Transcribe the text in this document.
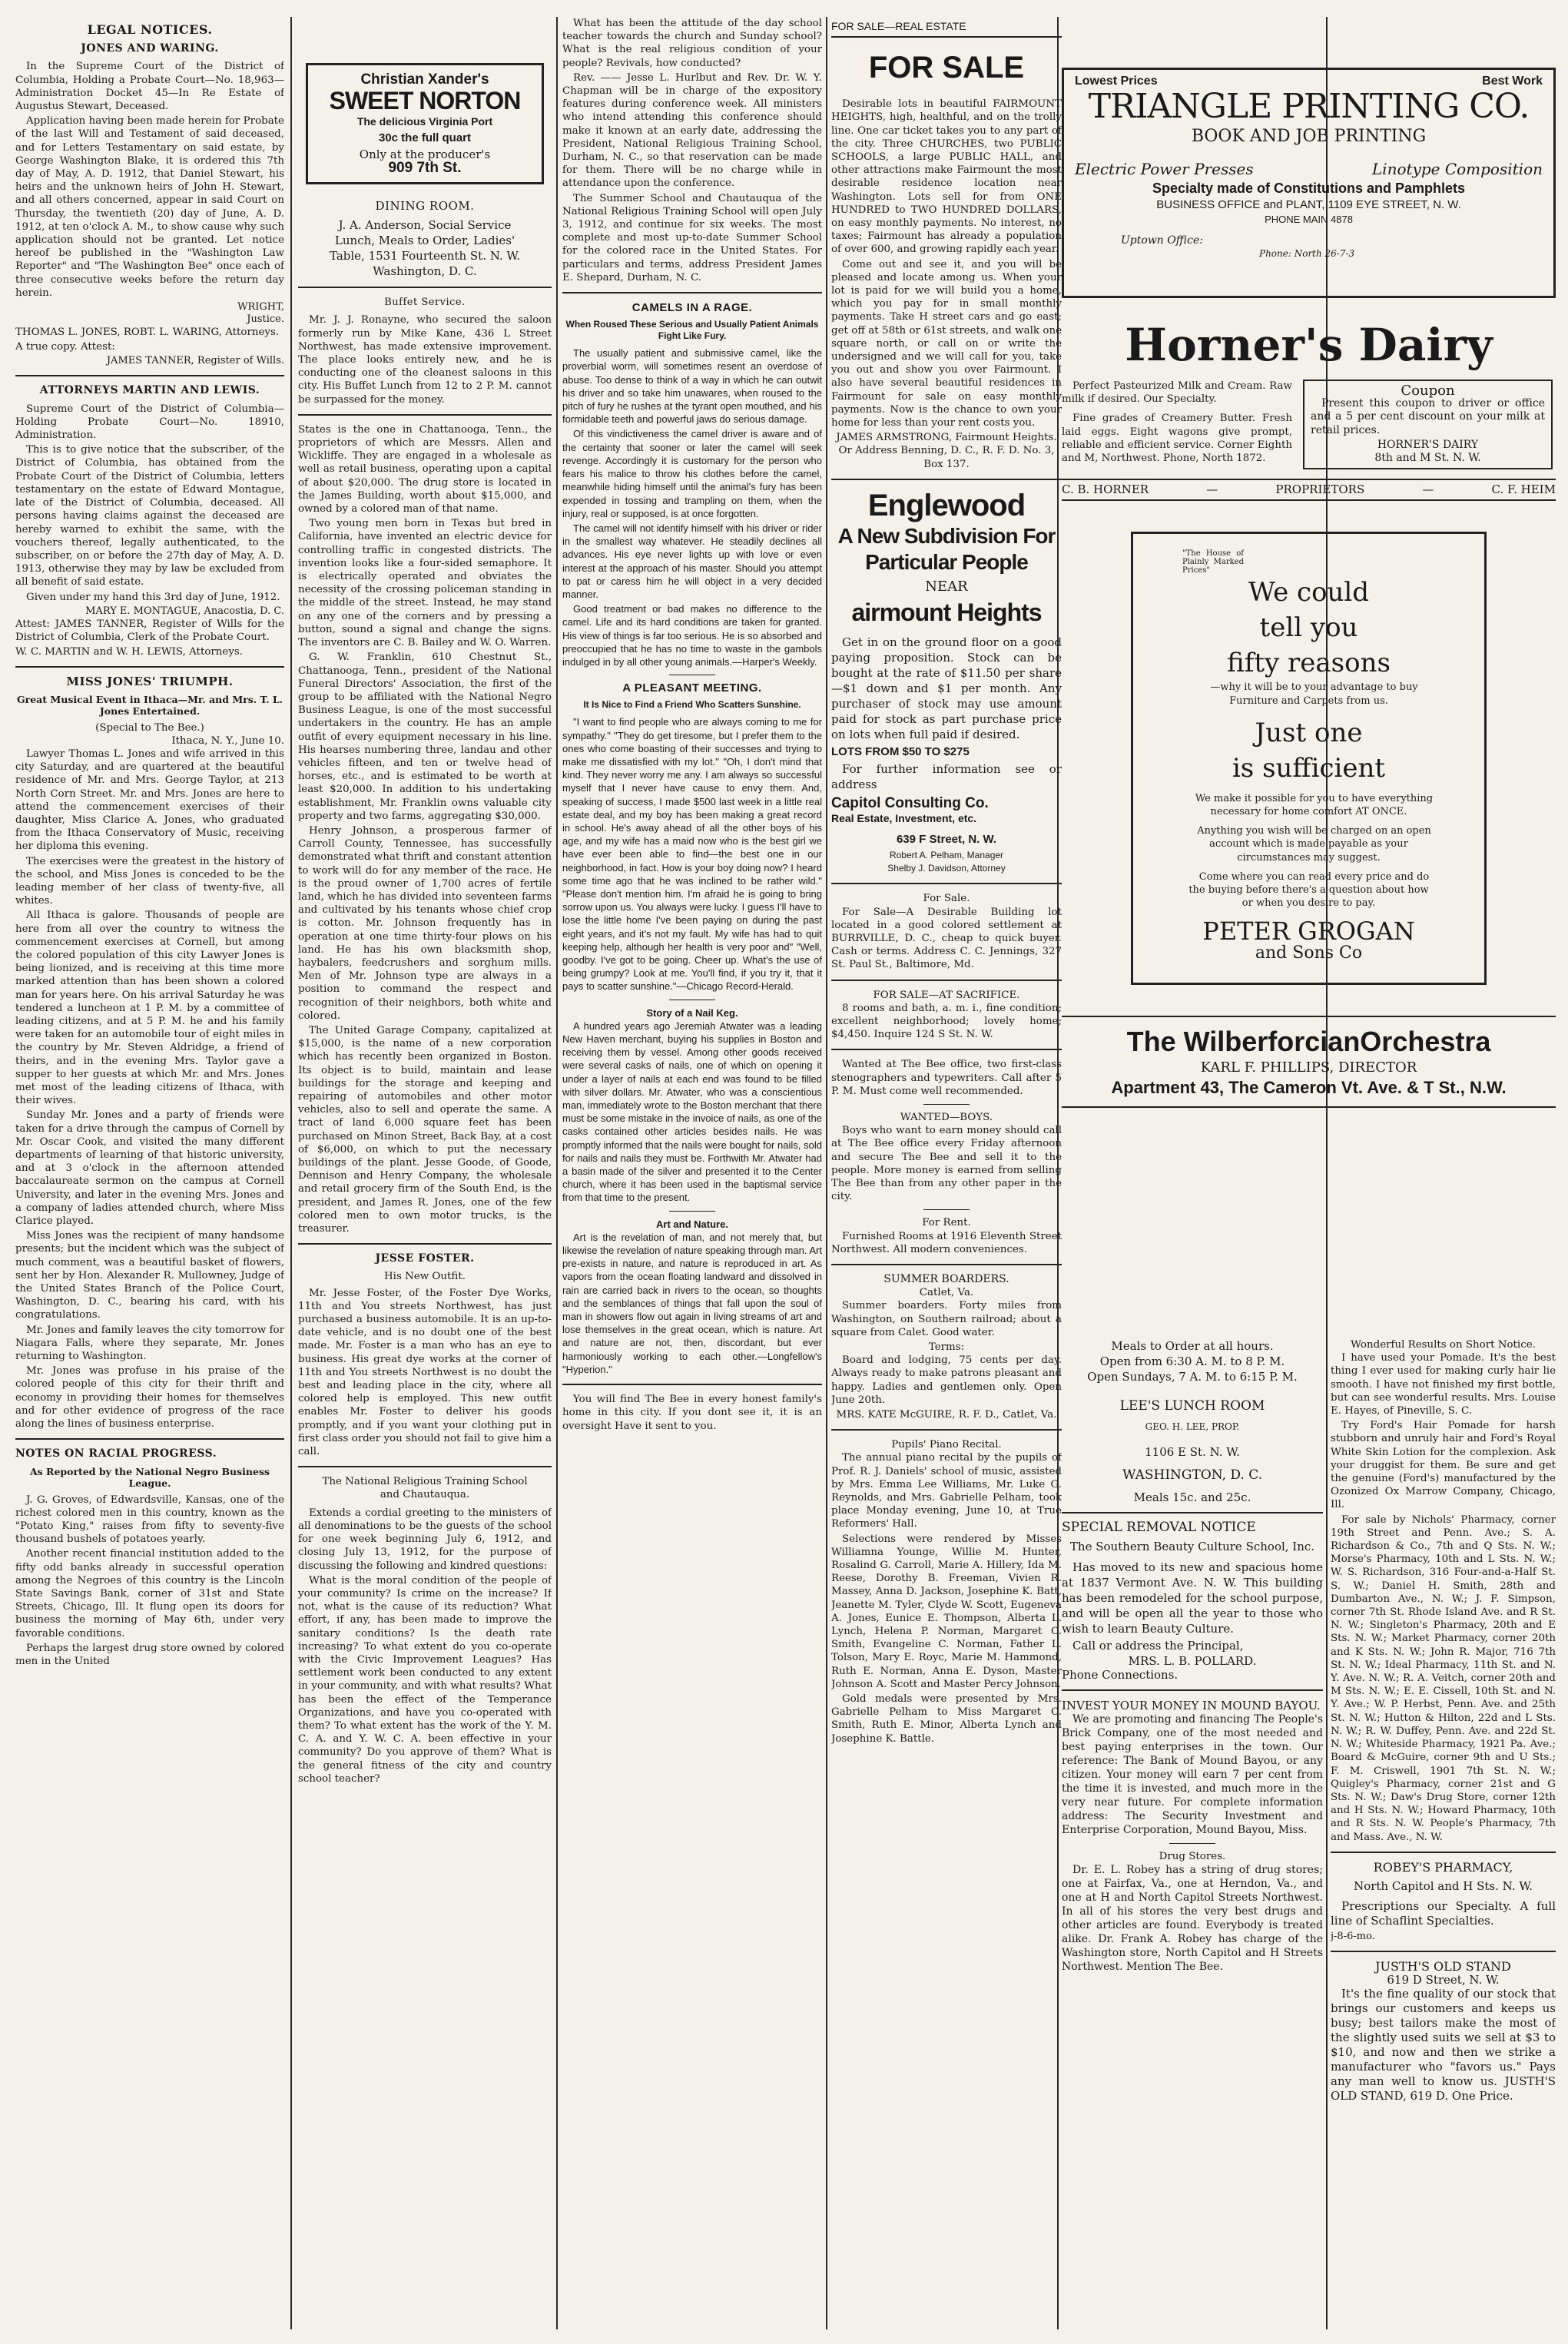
LEGAL NOTICES.
JONES AND WARING.

In the Supreme Court of the District of Columbia, Holding a Probate Court—No. 18,963—Administration Docket 45—In Re Estate of Augustus Stewart, Deceased.

Application having been made herein for Probate of the last Will and Testament of said deceased, and for Letters Testamentary on said estate, by George Washington Blake, it is ordered this 7th day of May, A. D. 1912, that Daniel Stewart, his heirs and the unknown heirs of John H. Stewart, and all others concerned, appear in said Court on Thursday, the twentieth (20) day of June, A. D. 1912, at ten o'clock A. M., to show cause why such application should not be granted. Let notice hereof be published in the "Washington Law Reporter" and "The Washington Bee" once each of three consecutive weeks before the return day herein.

WRIGHT,
Justice.

THOMAS L. JONES, ROBT. L. WARING, Attorneys.

A true copy. Attest:

JAMES TANNER, Register of Wills.
ATTORNEYS MARTIN AND LEWIS.

Supreme Court of the District of Columbia—Holding Probate Court—No. 18910, Administration.

This is to give notice that the subscriber, of the District of Columbia, has obtained from the Probate Court of the District of Columbia, letters testamentary on the estate of Edward Montague, late of the District of Columbia, deceased. All persons having claims against the deceased are hereby warned to exhibit the same, with the vouchers thereof, legally authenticated, to the subscriber, on or before the 27th day of May, A. D. 1913, otherwise they may by law be excluded from all benefit of said estate.

Given under my hand this 3rd day of June, 1912.

MARY E. MONTAGUE, Anacostia, D. C.

Attest: JAMES TANNER, Register of Wills for the District of Columbia, Clerk of the Probate Court.

W. C. MARTIN and W. H. LEWIS, Attorneys.

MISS JONES' TRIUMPH.
Great Musical Event in Ithaca—Mr. and Mrs. T. L. Jones Entertained.
(Special to The Bee.)
Ithaca, N. Y., June 10.

Lawyer Thomas L. Jones and wife arrived in this city Saturday, and are quartered at the beautiful residence of Mr. and Mrs. George Taylor, at 213 North Corn Street. Mr. and Mrs. Jones are here to attend the commencement exercises of their daughter, Miss Clarice A. Jones, who graduated from the Ithaca Conservatory of Music, receiving her diploma this evening.

The exercises were the greatest in the history of the school, and Miss Jones is conceded to be the leading member of her class of twenty-five, all whites.

All Ithaca is galore. Thousands of people are here from all over the country to witness the commencement exercises at Cornell, but among the colored population of this city Lawyer Jones is being lionized, and is receiving at this time more marked attention than has been shown a colored man for years here. On his arrival Saturday he was tendered a luncheon at 1 P. M. by a committee of leading citizens, and at 5 P. M. he and his family were taken for an automobile tour of eight miles in the country by Mr. Steven Aldridge, a friend of theirs, and in the evening Mrs. Taylor gave a supper to her guests at which Mr. and Mrs. Jones met most of the leading citizens of Ithaca, with their wives.

Sunday Mr. Jones and a party of friends were taken for a drive through the campus of Cornell by Mr. Oscar Cook, and visited the many different departments of learning of that historic university, and at 3 o'clock in the afternoon attended baccalaureate sermon on the campus at Cornell University, and later in the evening Mrs. Jones and a company of ladies attended church, where Miss Clarice played.

Miss Jones was the recipient of many handsome presents; but the incident which was the subject of much comment, was a beautiful basket of flowers, sent her by Hon. Alexander R. Mullowney, Judge of the United States Branch of the Police Court, Washington, D. C., bearing his card, with his congratulations.

Mr. Jones and family leaves the city tomorrow for Niagara Falls, where they separate, Mr. Jones returning to Washington.

Mr. Jones was profuse in his praise of the colored people of this city for their thrift and economy in providing their homes for themselves and for other evidence of progress of the race along the lines of business enterprise.

NOTES ON RACIAL PROGRESS.
As Reported by the National Negro Business League.

J. G. Groves, of Edwardsville, Kansas, one of the richest colored men in this country, known as the "Potato King," raises from fifty to seventy-five thousand bushels of potatoes yearly.

Another recent financial institution added to the fifty odd banks already in successful operation among the Negroes of this country is the Lincoln State Savings Bank, corner of 31st and State Streets, Chicago, Ill. It flung open its doors for business the morning of May 6th, under very favorable conditions.

Perhaps the largest drug store owned by colored men in the United

Christian Xander's
SWEET NORTON
The delicious Virginia Port
30c the full quart
Only at the producer's
909 7th St.
DINING ROOM.
J. A. Anderson, Social Service Lunch, Meals to Order, Ladies' Table, 1531 Fourteenth St. N. W. Washington, D. C.
Buffet Service.

Mr. J. J. Ronayne, who secured the saloon formerly run by Mike Kane, 436 L Street Northwest, has made extensive improvement. The place looks entirely new, and he is conducting one of the cleanest saloons in this city. His Buffet Lunch from 12 to 2 P. M. cannot be surpassed for the money.

States is the one in Chattanooga, Tenn., the proprietors of which are Messrs. Allen and Wickliffe. They are engaged in a wholesale as well as retail business, operating upon a capital of about $20,000. The drug store is located in the James Building, worth about $15,000, and owned by a colored man of that name.

Two young men born in Texas but bred in California, have invented an electric device for controlling traffic in congested districts. The invention looks like a four-sided semaphore. It is electrically operated and obviates the necessity of the crossing policeman standing in the middle of the street. Instead, he may stand on any one of the corners and by pressing a button, sound a signal and change the signs. The inventors are C. B. Bailey and W. O. Warren.

G. W. Franklin, 610 Chestnut St., Chattanooga, Tenn., president of the National Funeral Directors' Association, the first of the group to be affiliated with the National Negro Business League, is one of the most successful undertakers in the country. He has an ample outfit of every equipment necessary in his line. His hearses numbering three, landau and other vehicles fifteen, and ten or twelve head of horses, etc., and is estimated to be worth at least $20,000. In addition to his undertaking establishment, Mr. Franklin owns valuable city property and two farms, aggregating $30,000.

Henry Johnson, a prosperous farmer of Carroll County, Tennessee, has successfully demonstrated what thrift and constant attention to work will do for any member of the race. He is the proud owner of 1,700 acres of fertile land, which he has divided into seventeen farms and cultivated by his tenants whose chief crop is cotton. Mr. Johnson frequently has in operation at one time thirty-four plows on his land. He has his own blacksmith shop, haybalers, feedcrushers and sorghum mills. Men of Mr. Johnson type are always in a position to command the respect and recognition of their neighbors, both white and colored.

The United Garage Company, capitalized at $15,000, is the name of a new corporation which has recently been organized in Boston. Its object is to build, maintain and lease buildings for the storage and keeping and repairing of automobiles and other motor vehicles, also to sell and operate the same. A tract of land 6,000 square feet has been purchased on Minon Street, Back Bay, at a cost of $6,000, on which to put the necessary buildings of the plant. Jesse Goode, of Goode, Dennison and Henry Company, the wholesale and retail grocery firm of the South End, is the president, and James R. Jones, one of the few colored men to own motor trucks, is the treasurer.

JESSE FOSTER.
His New Outfit.

Mr. Jesse Foster, of the Foster Dye Works, 11th and You streets Northwest, has just purchased a business automobile. It is an up-to-date vehicle, and is no doubt one of the best made. Mr. Foster is a man who has an eye to business. His great dye works at the corner of 11th and You streets Northwest is no doubt the best and leading place in the city, where all colored help is employed. This new outfit enables Mr. Foster to deliver his goods promptly, and if you want your clothing put in first class order you should not fail to give him a call.

The National Religious Training School and Chautauqua.

Extends a cordial greeting to the ministers of all denominations to be the guests of the school for one week beginning July 6, 1912, and closing July 13, 1912, for the purpose of discussing the following and kindred questions:

What is the moral condition of the people of your community? Is crime on the increase? If not, what is the cause of its reduction? What effort, if any, has been made to improve the sanitary conditions? Is the death rate increasing? To what extent do you co-operate with the Civic Improvement Leagues? Has settlement work been conducted to any extent in your community, and with what results? What has been the effect of the Temperance Organizations, and have you co-operated with them? To what extent has the work of the Y. M. C. A. and Y. W. C. A. been effective in your community? Do you approve of them? What is the general fitness of the city and country school teacher?

What has been the attitude of the day school teacher towards the church and Sunday school? What is the real religious condition of your people? Revivals, how conducted?

Rev. —— Jesse L. Hurlbut and Rev. Dr. W. Y. Chapman will be in charge of the expository features during conference week. All ministers who intend attending this conference should make it known at an early date, addressing the President, National Religious Training School, Durham, N. C., so that reservation can be made for them. There will be no charge while in attendance upon the conference.

The Summer School and Chautauqua of the National Religious Training School will open July 3, 1912, and continue for six weeks. The most complete and most up-to-date Summer School for the colored race in the United States. For particulars and terms, address President James E. Shepard, Durham, N. C.

CAMELS IN A RAGE.
When Roused These Serious and Usually Patient Animals Fight Like Fury.

The usually patient and submissive camel, like the proverbial worm, will sometimes resent an overdose of abuse. Too dense to think of a way in which he can outwit his driver and so take him unawares, when roused to the pitch of fury he rushes at the tyrant open mouthed, and his formidable teeth and powerful jaws do serious damage.

Of this vindictiveness the camel driver is aware and of the certainty that sooner or later the camel will seek revenge. Accordingly it is customary for the person who fears his malice to throw his clothes before the camel, meanwhile hiding himself until the animal's fury has been expended in tossing and trampling on them, when the injury, real or supposed, is at once forgotten.

The camel will not identify himself with his driver or rider in the smallest way whatever. He steadily declines all advances. His eye never lights up with love or even interest at the approach of his master. Should you attempt to pat or caress him he will object in a very decided manner.

Good treatment or bad makes no difference to the camel. Life and its hard conditions are taken for granted. His view of things is far too serious. He is so absorbed and preoccupied that he has no time to waste in the gambols indulged in by all other young animals.—Harper's Weekly.

A PLEASANT MEETING.
It Is Nice to Find a Friend Who Scatters Sunshine.

"I want to find people who are always coming to me for sympathy." "They do get tiresome, but I prefer them to the ones who come boasting of their successes and trying to make me dissatisfied with my lot." "Oh, I don't mind that kind. They never worry me any. I am always so successful myself that I never have cause to envy them. And, speaking of success, I made $500 last week in a little real estate deal, and my boy has been making a great record in school. He's away ahead of all the other boys of his age, and my wife has a maid now who is the best girl we have ever been able to find—the best one in our neighborhood, in fact. How is your boy doing now? I heard some time ago that he was inclined to be rather wild." "Please don't mention him. I'm afraid he is going to bring sorrow upon us. You always were lucky. I guess I'll have to lose the little home I've been paying on during the past eight years, and it's not my fault. My wife has had to quit keeping help, although her health is very poor and" "Well, goodby. I've got to be going. Cheer up. What's the use of being grumpy? Look at me. You'll find, if you try it, that it pays to scatter sunshine."—Chicago Record-Herald.

Story of a Nail Keg.

A hundred years ago Jeremiah Atwater was a leading New Haven merchant, buying his supplies in Boston and receiving them by vessel. Among other goods received were several casks of nails, one of which on opening it under a layer of nails at each end was found to be filled with silver dollars. Mr. Atwater, who was a conscientious man, immediately wrote to the Boston merchant that there must be some mistake in the invoice of nails, as one of the casks contained other articles besides nails. He was promptly informed that the nails were bought for nails, sold for nails and nails they must be. Forthwith Mr. Atwater had a basin made of the silver and presented it to the Center church, where it has been used in the baptismal service from that time to the present.

Art and Nature.

Art is the revelation of man, and not merely that, but likewise the revelation of nature speaking through man. Art pre-exists in nature, and nature is reproduced in art. As vapors from the ocean floating landward and dissolved in rain are carried back in rivers to the ocean, so thoughts and the semblances of things that fall upon the soul of man in showers flow out again in living streams of art and lose themselves in the great ocean, which is nature. Art and nature are not, then, discordant, but ever harmoniously working to each other.—Longfellow's "Hyperion."

You will find The Bee in every honest family's home in this city. If you dont see it, it is an oversight Have it sent to you.

FOR SALE—REAL ESTATE
FOR SALE

Desirable lots in beautiful FAIRMOUNT HEIGHTS, high, healthful, and on the trolly line. One car ticket takes you to any part of the city. Three CHURCHES, two PUBLIC SCHOOLS, a large PUBLIC HALL, and other attractions make Fairmount the most desirable residence location near Washington. Lots sell for from ONE HUNDRED to TWO HUNDRED DOLLARS, on easy monthly payments. No interest, no taxes; Fairmount has already a population of over 600, and growing rapidly each year.

Come out and see it, and you will be pleased and locate among us. When your lot is paid for we will build you a home, which you pay for in small monthly payments. Take H street cars and go east; get off at 58th or 61st streets, and walk one square north, or call on or write the undersigned and we will call for you, take you out and show you over Fairmount. I also have several beautiful residences in Fairmount for sale on easy monthly payments. Now is the chance to own your home for less than your rent costs you.

JAMES ARMSTRONG, Fairmount Heights. Or Address Benning, D. C., R. F. D. No. 3, Box 137.
Englewood
A New Subdivision For
Particular People
NEAR
airmount Heights

Get in on the ground floor on a good paying proposition. Stock can be bought at the rate of $11.50 per share—$1 down and $1 per month. Any purchaser of stock may use amount paid for stock as part purchase price on lots when full paid if desired.

LOTS FROM $50 TO $275

For further information see or address

Capitol Consulting Co.
Real Estate, Investment, etc.
639 F Street, N. W.
Robert A. Pelham, Manager
Shelby J. Davidson, Attorney
For Sale.

For Sale—A Desirable Building lot located in a good colored settlement at BURRVILLE, D. C., cheap to quick buyer. Cash or terms. Address C. C. Jennings, 327 St. Paul St., Baltimore, Md.

FOR SALE—AT SACRIFICE.

8 rooms and bath, a. m. i., fine condition; excellent neighborhood; lovely home; $4,450. Inquire 124 S St. N. W.

Wanted at The Bee office, two first-class stenographers and typewriters. Call after 5 P. M. Must come well recommended.

WANTED—BOYS.

Boys who want to earn money should call at The Bee office every Friday afternoon and secure The Bee and sell it to the people. More money is earned from selling The Bee than from any other paper in the city.

For Rent.

Furnished Rooms at 1916 Eleventh Street Northwest. All modern conveniences.

SUMMER BOARDERS.
Catlet, Va.

Summer boarders. Forty miles from Washington, on Southern railroad; about a square from Calet. Good water.

Terms:

Board and lodging, 75 cents per day. Always ready to make patrons pleasant and happy. Ladies and gentlemen only. Open June 20th.

MRS. KATE McGUIRE, R. F. D., Catlet, Va.
Pupils' Piano Recital.

The annual piano recital by the pupils of Prof. R. J. Daniels' school of music, assisted by Mrs. Emma Lee Williams, Mr. Luke G. Reynolds, and Mrs. Gabrielle Pelham, took place Monday evening, June 10, at True Reformers' Hall.

Selections were rendered by Misses Williamna Younge, Willie M. Hunter, Rosalind G. Carroll, Marie A. Hillery, Ida M. Reese, Dorothy B. Freeman, Vivien R. Massey, Anna D. Jackson, Josephine K. Batt, Jeanette M. Tyler, Clyde W. Scott, Eugeneva A. Jones, Eunice E. Thompson, Alberta L. Lynch, Helena P. Norman, Margaret C. Smith, Evangeline C. Norman, Father L. Tolson, Mary E. Royc, Marie M. Hammond, Ruth E. Norman, Anna E. Dyson, Master Johnson A. Scott and Master Percy Johnson.

Gold medals were presented by Mrs. Gabrielle Pelham to Miss Margaret C. Smith, Ruth E. Minor, Alberta Lynch and Josephine K. Battle.

Lowest Prices	Best Work
TRIANGLE PRINTING CO.
BOOK AND JOB PRINTING
Electric Power Presses	Linotype Composition
Specialty made of Constitutions and Pamphlets
BUSINESS OFFICE and PLANT, 1109 EYE STREET, N. W.
PHONE MAIN 4878
Uptown Office:
Phone: North 26-7-3
Horner's Dairy

Perfect Pasteurized Milk and Cream. Raw milk if desired. Our Specialty.

Fine grades of Creamery Butter. Fresh laid eggs. Eight wagons give prompt, reliable and efficient service. Corner Eighth and M, Northwest. Phone, North 1872.

Coupon

Present this coupon to driver or office and a 5 per cent discount on your milk at retail prices.

HORNER'S DAIRY
8th and M St. N. W.
C. B. HORNER	—	PROPRIETORS	—	C. F. HEIM
"The House of Plainly Marked Prices"
We could
tell you
fifty reasons

—why it will be to your advantage to buy Furniture and Carpets from us.

Just one
is sufficient

We make it possible for you to have everything necessary for home comfort AT ONCE.

Anything you wish will be charged on an open account which is made payable as your circumstances may suggest.

Come where you can read every price and do the buying before there's a question about how or when you desire to pay.

PETER GROGAN
and Sons Co
The WilberforcianOrchestra
KARL F. PHILLIPS, DIRECTOR
Apartment 43, The Cameron Vt. Ave. & T St., N.W.
Meals to Order at all hours.
Open from 6:30 A. M. to 8 P. M.
Open Sundays, 7 A. M. to 6:15 P. M.
LEE'S LUNCH ROOM
GEO. H. LEE, PROP.
1106 E St. N. W.
WASHINGTON, D. C.
Meals 15c. and 25c.
SPECIAL REMOVAL NOTICE
The Southern Beauty Culture School, Inc.

Has moved to its new and spacious home at 1837 Vermont Ave. N. W. This building has been remodeled for the school purpose, and will be open all the year to those who wish to learn Beauty Culture.

Call or address the Principal,

MRS. L. B. POLLARD.
Phone Connections.
INVEST YOUR MONEY IN MOUND BAYOU.

We are promoting and financing The People's Brick Company, one of the most needed and best paying enterprises in the town. Our reference: The Bank of Mound Bayou, or any citizen. Your money will earn 7 per cent from the time it is invested, and much more in the very near future. For complete information address: The Security Investment and Enterprise Corporation, Mound Bayou, Miss.

Drug Stores.

Dr. E. L. Robey has a string of drug stores; one at Fairfax, Va., one at Herndon, Va., and one at H and North Capitol Streets Northwest. In all of his stores the very best drugs and other articles are found. Everybody is treated alike. Dr. Frank A. Robey has charge of the Washington store, North Capitol and H Streets Northwest. Mention The Bee.

Wonderful Results on Short Notice.

I have used your Pomade. It's the best thing I ever used for making curly hair lie smooth. I have not finished my first bottle, but can see wonderful results. Mrs. Louise E. Hayes, of Pineville, S. C.

Try Ford's Hair Pomade for harsh stubborn and unruly hair and Ford's Royal White Skin Lotion for the complexion. Ask your druggist for them. Be sure and get the genuine (Ford's) manufactured by the Ozonized Ox Marrow Company, Chicago, Ill.

For sale by Nichols' Pharmacy, corner 19th Street and Penn. Ave.; S. A. Richardson & Co., 7th and Q Sts. N. W.; Morse's Pharmacy, 10th and L Sts. N. W.; W. S. Richardson, 316 Four-and-a-Half St. S. W.; Daniel H. Smith, 28th and Dumbarton Ave., N. W.; J. F. Simpson, corner 7th St. Rhode Island Ave. and R St. N. W.; Singleton's Pharmacy, 20th and E Sts. N. W.; Market Pharmacy, corner 20th and K Sts. N. W.; John R. Major, 716 7th St. N. W.; Ideal Pharmacy, 11th St. and N. Y. Ave. N. W.; R. A. Veitch, corner 20th and M Sts. N. W.; E. E. Cissell, 10th St. and N. Y. Ave.; W. P. Herbst, Penn. Ave. and 25th St. N. W.; Hutton & Hilton, 22d and L Sts. N. W.; R. W. Duffey, Penn. Ave. and 22d St. N. W.; Whiteside Pharmacy, 1921 Pa. Ave.; Board & McGuire, corner 9th and U Sts.; F. M. Criswell, 1901 7th St. N. W.; Quigley's Pharmacy, corner 21st and G Sts. N. W.; Daw's Drug Store, corner 12th and H Sts. N. W.; Howard Pharmacy, 10th and R Sts. N. W. People's Pharmacy, 7th and Mass. Ave., N. W.

ROBEY'S PHARMACY,
North Capitol and H Sts. N. W.

Prescriptions our Specialty. A full line of Schaflint Specialties.

j-8-6-mo.
JUSTH'S OLD STAND
619 D Street, N. W.

It's the fine quality of our stock that brings our customers and keeps us busy; best tailors make the most of the slightly used suits we sell at $3 to $10, and now and then we strike a manufacturer who "favors us." Pays any man well to know us. JUSTH'S OLD STAND, 619 D. One Price.
